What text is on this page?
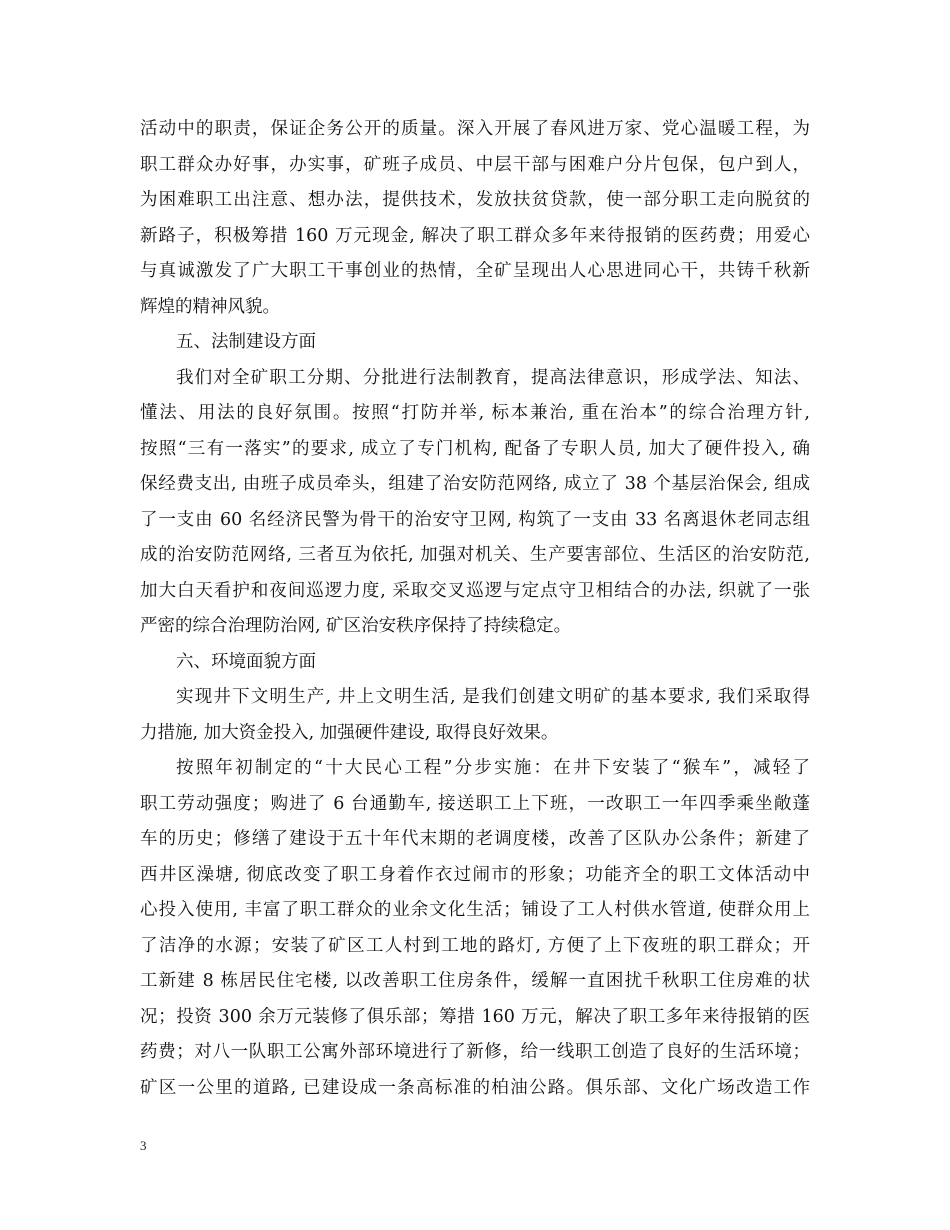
活动中的职责，保证企务公开的质量。深入开展了春风进万家、党心温暖工程，为
职工群众办好事，办实事，矿班子成员、中层干部与困难户分片包保，包户到人，
为困难职工出注意、想办法，提供技术，发放扶贫贷款，使一部分职工走向脱贫的
新路子，积极筹措 160 万元现金, 解决了职工群众多年来待报销的医药费；用爱心
与真诚激发了广大职工干事创业的热情，全矿呈现出人心思进同心干，共铸千秋新
辉煌的精神风貌。
五、法制建设方面
我们对全矿职工分期、分批进行法制教育，提高法律意识，形成学法、知法、
懂法、用法的良好氛围。按照“打防并举, 标本兼治, 重在治本”的综合治理方针,
按照“三有一落实”的要求, 成立了专门机构, 配备了专职人员, 加大了硬件投入, 确
保经费支出, 由班子成员牵头，组建了治安防范网络, 成立了 38 个基层治保会, 组成
了一支由 60 名经济民警为骨干的治安守卫网, 构筑了一支由 33 名离退休老同志组
成的治安防范网络, 三者互为依托, 加强对机关、生产要害部位、生活区的治安防范,
加大白天看护和夜间巡逻力度, 采取交叉巡逻与定点守卫相结合的办法, 织就了一张
严密的综合治理防治网, 矿区治安秩序保持了持续稳定。
六、环境面貌方面
实现井下文明生产, 井上文明生活, 是我们创建文明矿的基本要求, 我们采取得
力措施, 加大资金投入, 加强硬件建设, 取得良好效果。
按照年初制定的“十大民心工程”分步实施：在井下安装了“猴车”，减轻了
职工劳动强度；购进了 6 台通勤车, 接送职工上下班，一改职工一年四季乘坐敞蓬
车的历史；修缮了建设于五十年代末期的老调度楼，改善了区队办公条件；新建了
西井区澡塘, 彻底改变了职工身着作衣过闹市的形象；功能齐全的职工文体活动中
心投入使用, 丰富了职工群众的业余文化生活；铺设了工人村供水管道, 使群众用上
了洁净的水源；安装了矿区工人村到工地的路灯, 方便了上下夜班的职工群众；开
工新建 8 栋居民住宅楼, 以改善职工住房条件，缓解一直困扰千秋职工住房难的状
况；投资 300 余万元装修了俱乐部；筹措 160 万元，解决了职工多年来待报销的医
药费；对八一队职工公寓外部环境进行了新修，给一线职工创造了良好的生活环境；
矿区一公里的道路, 已建设成一条高标准的柏油公路。俱乐部、文化广场改造工作
3
